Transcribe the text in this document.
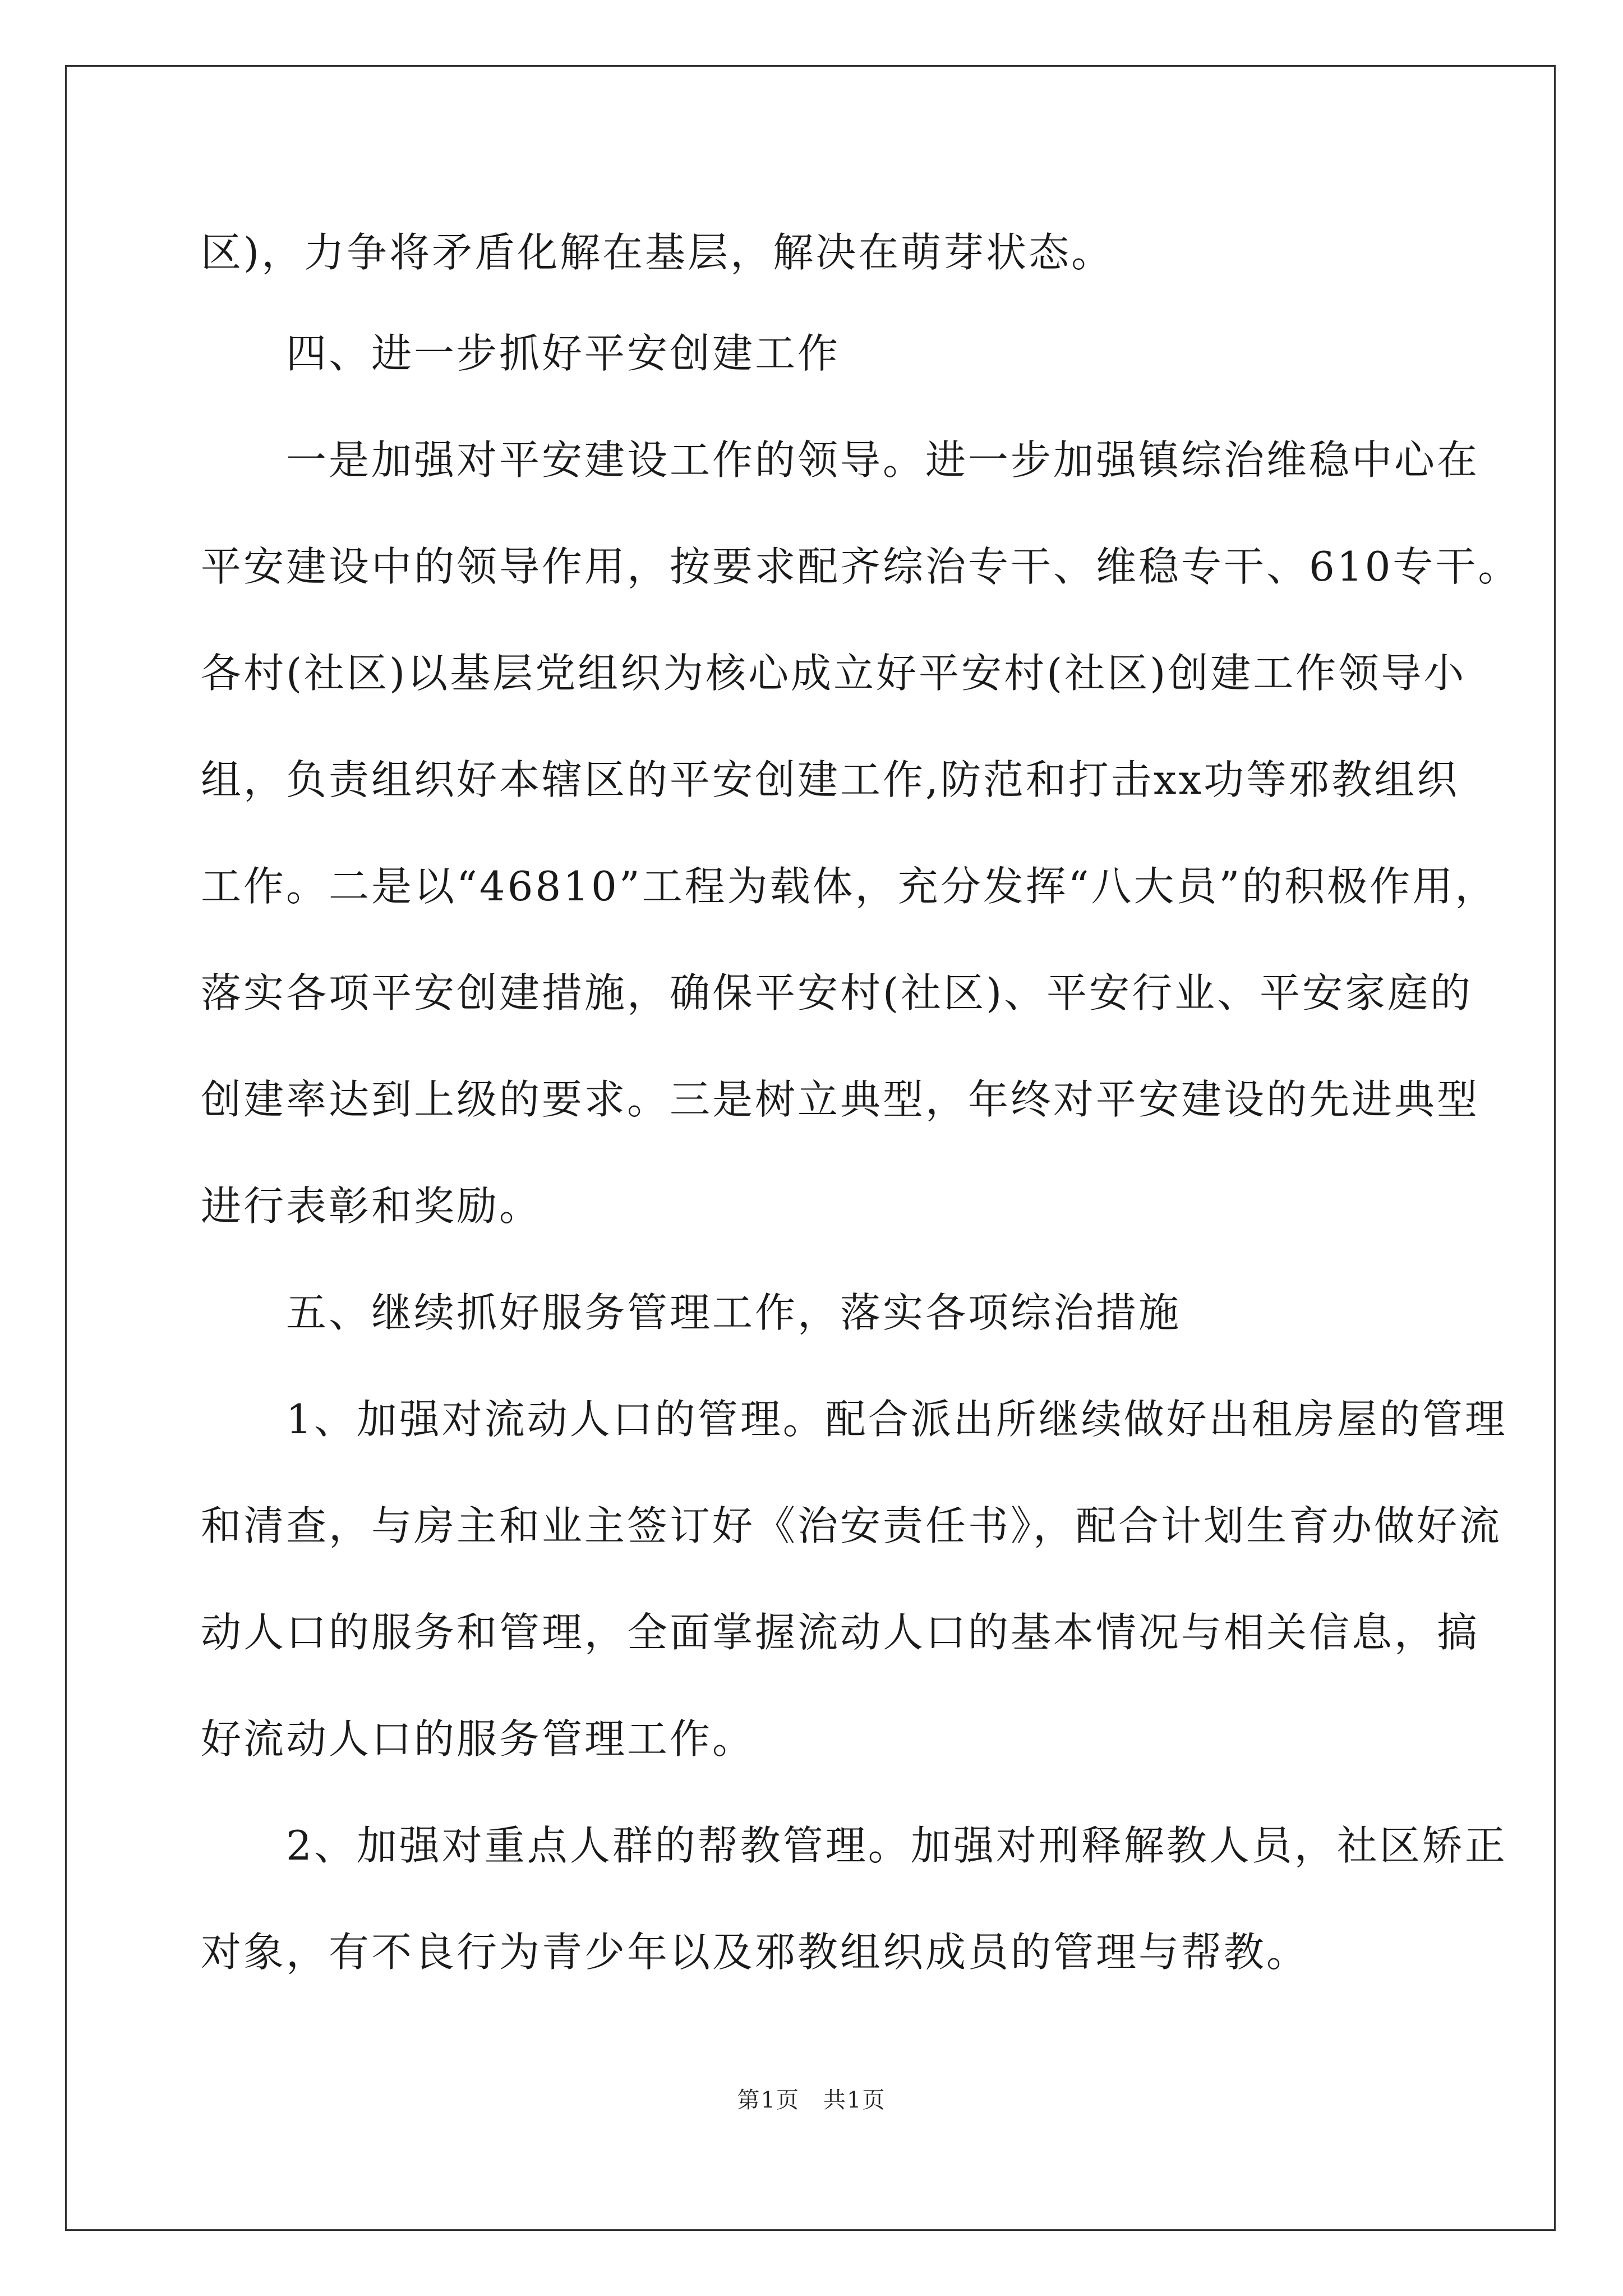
区)，力争将矛盾化解在基层，解决在萌芽状态。
　　四、进一步抓好平安创建工作
　　一是加强对平安建设工作的领导。进一步加强镇综治维稳中心在
平安建设中的领导作用，按要求配齐综治专干、维稳专干、610专干。
各村(社区)以基层党组织为核心成立好平安村(社区)创建工作领导小
组，负责组织好本辖区的平安创建工作,防范和打击xx功等邪教组织
工作。二是以“46810”工程为载体，充分发挥“八大员”的积极作用，
落实各项平安创建措施，确保平安村(社区)、平安行业、平安家庭的
创建率达到上级的要求。三是树立典型，年终对平安建设的先进典型
进行表彰和奖励。
　　五、继续抓好服务管理工作，落实各项综治措施
　　1、加强对流动人口的管理。配合派出所继续做好出租房屋的管理
和清查，与房主和业主签订好《治安责任书》，配合计划生育办做好流
动人口的服务和管理，全面掌握流动人口的基本情况与相关信息，搞
好流动人口的服务管理工作。
　　2、加强对重点人群的帮教管理。加强对刑释解教人员，社区矫正
对象，有不良行为青少年以及邪教组织成员的管理与帮教。
第1页　共1页
